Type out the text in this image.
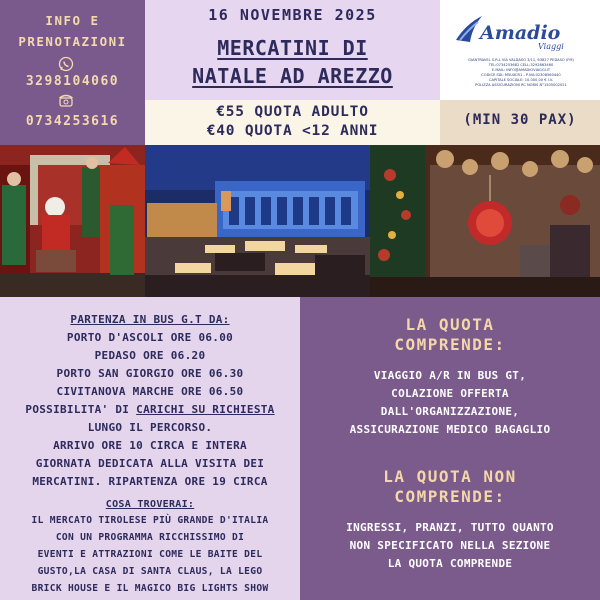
INFO E
PRENOTAZIONI
3298104060
0734253616
16 NOVEMBRE 2025
MERCATINI DI
NATALE AD AREZZO
Amadio
Viaggi
GIANTRAVEL S.R.L VIA VALDASO 3/11, 63827 PEDASO (FM)
TEL:0734253682 CELL:3292863460
E.MAIL: INFO@AMADIOVIAGGI.IT
CODICE SDI: M5UXCR1 - P.IVA:02308560440
CAPITALE SOCIALE: 10.000,00 € I.V.
POLIZZA ASSICURAZIONI RC NOBIS N°1505002021
€55 QUOTA ADULTO
€40 QUOTA <12 ANNI
(MIN 30 PAX)
PARTENZA IN BUS G.T DA:
PORTO D'ASCOLI ORE 06.00
PEDASO ORE 06.20
PORTO SAN GIORGIO ORE 06.30
CIVITANOVA MARCHE ORE 06.50
POSSIBILITA' DI CARICHI SU RICHIESTA
LUNGO IL PERCORSO.
ARRIVO ORE 10 CIRCA E INTERA
GIORNATA DEDICATA ALLA VISITA DEI
MERCATINI. RIPARTENZA ORE 19 CIRCA
COSA TROVERAI:
IL MERCATO TIROLESE PIÙ GRANDE D'ITALIA
CON UN PROGRAMMA RICCHISSIMO DI
EVENTI E ATTRAZIONI COME LE BAITE DEL
GUSTO,LA CASA DI SANTA CLAUS, LA LEGO
BRICK HOUSE E IL MAGICO BIG LIGHTS SHOW
LA QUOTA
COMPRENDE:
VIAGGIO A/R IN BUS GT,
COLAZIONE OFFERTA
DALL'ORGANIZZAZIONE,
ASSICURAZIONE MEDICO BAGAGLIO
LA QUOTA NON
COMPRENDE:
INGRESSI, PRANZI, TUTTO QUANTO
NON SPECIFICATO NELLA SEZIONE
LA QUOTA COMPRENDE
